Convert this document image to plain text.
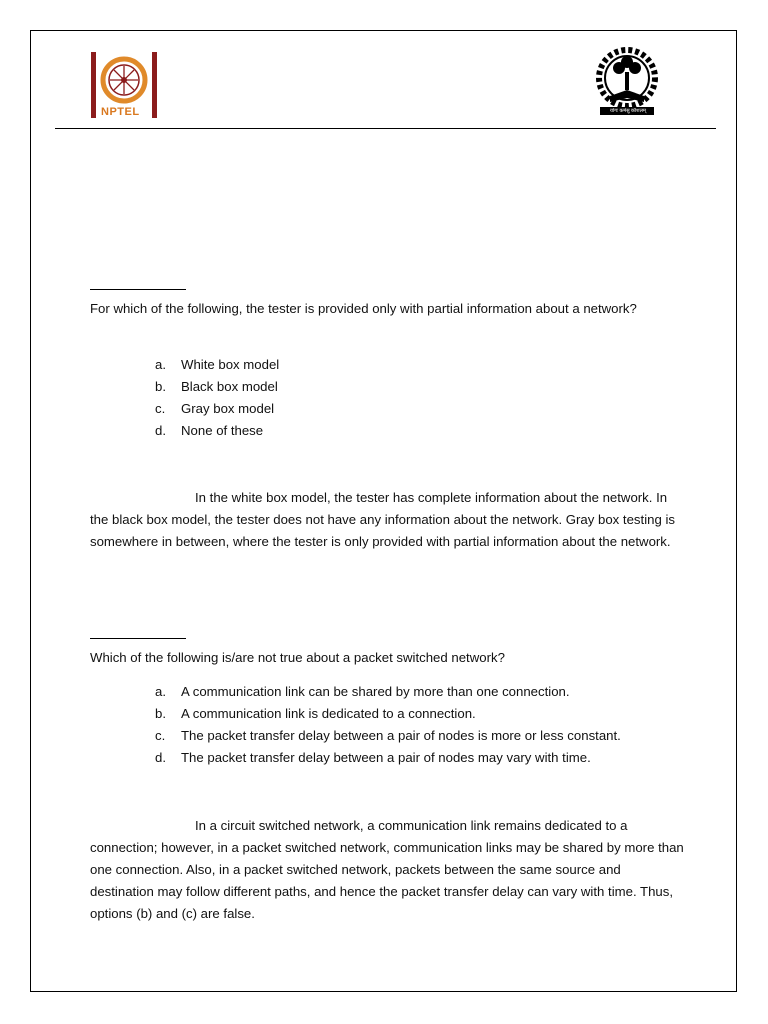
NPTEL	योगः कर्मसु कौशलम्
For which of the following, the tester is provided only with partial information about a network?
a. White box model
b. Black box model
c. Gray box model
d. None of these
In the white box model, the tester has complete information about the network. In the black box model, the tester does not have any information about the network. Gray box testing is somewhere in between, where the tester is only provided with partial information about the network.
Which of the following is/are not true about a packet switched network?
a. A communication link can be shared by more than one connection.
b. A communication link is dedicated to a connection.
c. The packet transfer delay between a pair of nodes is more or less constant.
d. The packet transfer delay between a pair of nodes may vary with time.
In a circuit switched network, a communication link remains dedicated to a connection; however, in a packet switched network, communication links may be shared by more than one connection. Also, in a packet switched network, packets between the same source and destination may follow different paths, and hence the packet transfer delay can vary with time. Thus, options (b) and (c) are false.
